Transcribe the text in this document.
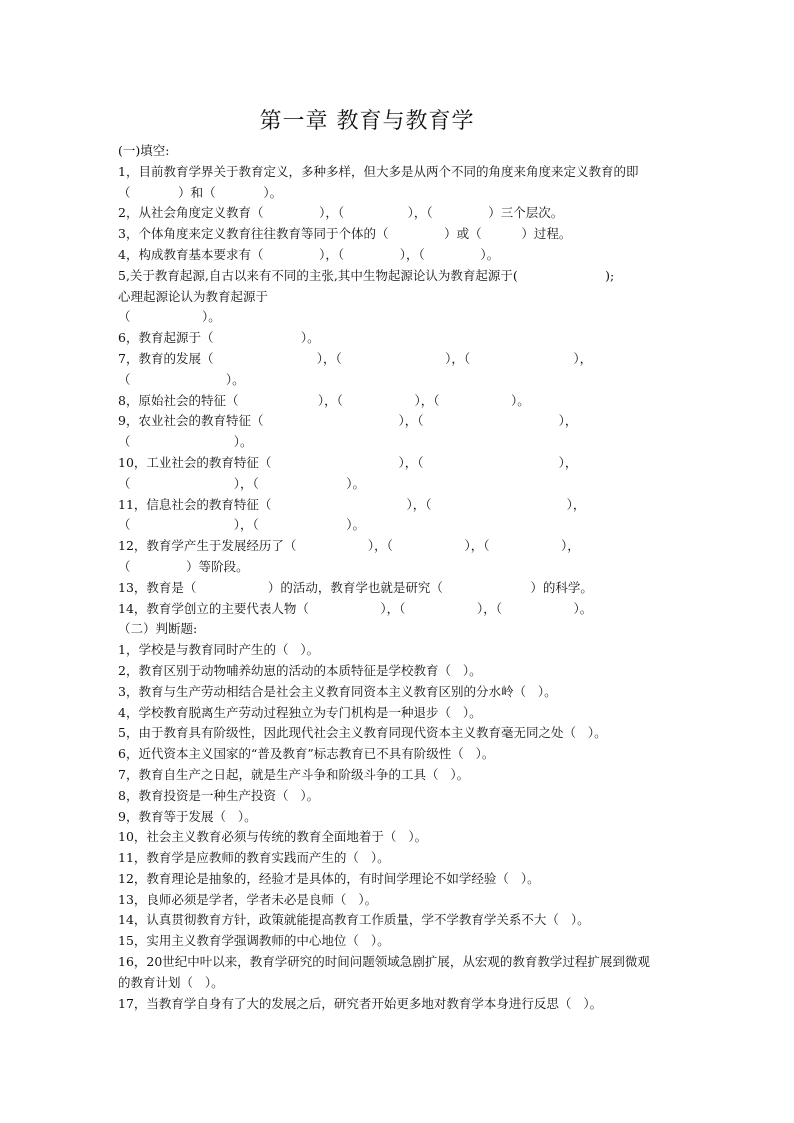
第一章 教育与教育学
(一)填空:
1，目前教育学界关于教育定义，多种多样，但大多是从两个不同的角度来角度来定义教育的即
（            ）和（            ）。
2，从社会角度定义教育（              ），（                ），（              ）三个层次。
3，个体角度来定义教育往往教育等同于个体的（              ）或（          ）过程。
4，构成教育基本要求有（              ），（              ），（              ）。
5,关于教育起源,自古以来有不同的主张,其中生物起源论认为教育起源于(                      );
心理起源论认为教育起源于
（                  ）。
6，教育起源于（                      ）。
7，教育的发展（                          ），（                          ），（                          ），
（                        ）。
8，原始社会的特征（                    ），（                  ），（                  ）。
9，农业社会的教育特征（                                  ），（                                  ），
（                          ）。
10，工业社会的教育特征（                                ），（                                  ），
（                          ），（                      ）。
11，信息社会的教育特征（                                  ），（                                  ），
（                          ），（                      ）。
12，教育学产生于发展经历了（                  ），（                  ），（                  ），
（              ）等阶段。
13，教育是（                  ）的活动，教育学也就是研究（                      ）的科学。
14，教育学创立的主要代表人物（                  ），（                  ），（                  ）。
（二）判断题:
1，学校是与教育同时产生的（   ）。
2，教育区别于动物哺养幼崽的活动的本质特征是学校教育（   ）。
3，教育与生产劳动相结合是社会主义教育同资本主义教育区别的分水岭（   ）。
4，学校教育脱离生产劳动过程独立为专门机构是一种退步（   ）。
5，由于教育具有阶级性，因此现代社会主义教育同现代资本主义教育毫无同之处（   ）。
6，近代资本主义国家的“普及教育”标志教育已不具有阶级性（   ）。
7，教育自生产之日起，就是生产斗争和阶级斗争的工具（   ）。
8，教育投资是一种生产投资（   ）。
9，教育等于发展（   ）。
10，社会主义教育必须与传统的教育全面地着于（   ）。
11，教育学是应教师的教育实践而产生的（   ）。
12，教育理论是抽象的，经验才是具体的，有时间学理论不如学经验（   ）。
13，良师必须是学者，学者未必是良师（   ）。
14，认真贯彻教育方针，政策就能提高教育工作质量，学不学教育学关系不大（   ）。
15，实用主义教育学强调教师的中心地位（   ）。
16，20世纪中叶以来，教育学研究的时间问题领域急剧扩展，从宏观的教育教学过程扩展到微观
的教育计划（   ）。
17，当教育学自身有了大的发展之后，研究者开始更多地对教育学本身进行反思（   ）。
